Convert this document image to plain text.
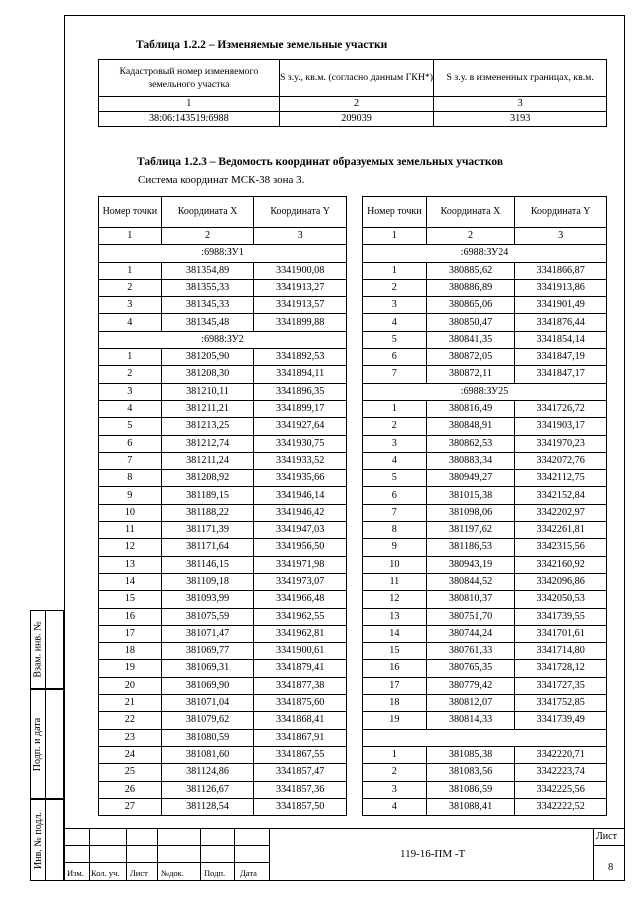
Взам. инв. №
Подп. и дата
Инв. № подл.
Таблица 1.2.2 – Изменяемые земельные участки
Кадастровый номер изменяемого земельного участка	S з.у., кв.м. (согласно данным ГКН*)	S з.у. в измененных границах, кв.м.
1	2	3
38:06:143519:6988	209039	3193
Таблица 1.2.3 – Ведомость координат образуемых земельных участков

Система координат МСК-38 зона 3.

Номер точки	Координата X	Координата Y
1	2	3
:6988:ЗУ1		
1	381354,89	3341900,08
2	381355,33	3341913,27
3	381345,33	3341913,57
4	381345,48	3341899,88
:6988:ЗУ2		
1	381205,90	3341892,53
2	381208,30	3341894,11
3	381210,11	3341896,35
4	381211,21	3341899,17
5	381213,25	3341927,64
6	381212,74	3341930,75
7	381211,24	3341933,52
8	381208,92	3341935,66
9	381189,15	3341946,14
10	381188,22	3341946,42
11	381171,39	3341947,03
12	381171,64	3341956,50
13	381146,15	3341971,98
14	381109,18	3341973,07
15	381093,99	3341966,48
16	381075,59	3341962,55
17	381071,47	3341962,81
18	381069,77	3341900,61
19	381069,31	3341879,41
20	381069,90	3341877,38
21	381071,04	3341875,60
22	381079,62	3341868,41
23	381080,59	3341867,91
24	381081,60	3341867,55
25	381124,86	3341857,47
26	381126,67	3341857,36
27	381128,54	3341857,50
Номер точки	Координата X	Координата Y
1	2	3
:6988:ЗУ24		
1	380885,62	3341866,87
2	380886,89	3341913,86
3	380865,06	3341901,49
4	380850,47	3341876,44
5	380841,35	3341854,14
6	380872,05	3341847,19
7	380872,11	3341847,17
:6988:ЗУ25		
1	380816,49	3341726,72
2	380848,91	3341903,17
3	380862,53	3341970,23
4	380883,34	3342072,76
5	380949,27	3342112,75
6	381015,38	3342152,84
7	381098,06	3342202,97
8	381197,62	3342261,81
9	381186,53	3342315,56
10	380943,19	3342160,92
11	380844,52	3342096,86
12	380810,37	3342050,53
13	380751,70	3341739,55
14	380744,24	3341701,61
15	380761,33	3341714,80
16	380765,35	3341728,12
17	380779,42	3341727,35
18	380812,07	3341752,85
19	380814,33	3341739,49

1	381085,38	3342220,71
2	381083,56	3342223,74
3	381086,59	3342225,56
4	381088,41	3342222,52
Изм. Кол. уч. Лист №док. Подп. Дата
119-16-ПМ -Т
Лист
8
